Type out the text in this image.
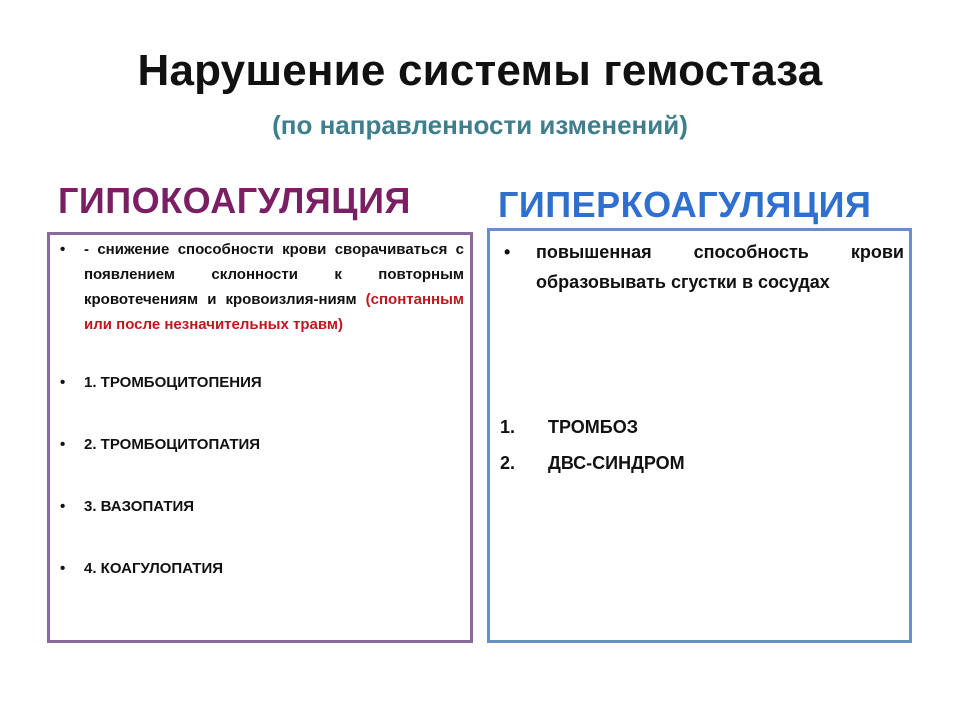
Нарушение системы гемостаза
(по направленности изменений)
ГИПОКОАГУЛЯЦИЯ ГИПЕРКОАГУЛЯЦИЯ
• - снижение способности крови сворачиваться с появлением склонности к повторным кровотечениям и кровоизлия-ниям (спонтанным или после незначительных травм)
• 1. ТРОМБОЦИТОПЕНИЯ
• 2. ТРОМБОЦИТОПАТИЯ
• 3. ВАЗОПАТИЯ
• 4. КОАГУЛОПАТИЯ
• повышенная способность крови образовывать сгустки в сосудах
1. ТРОМБОЗ
2. ДВС-СИНДРОМ
